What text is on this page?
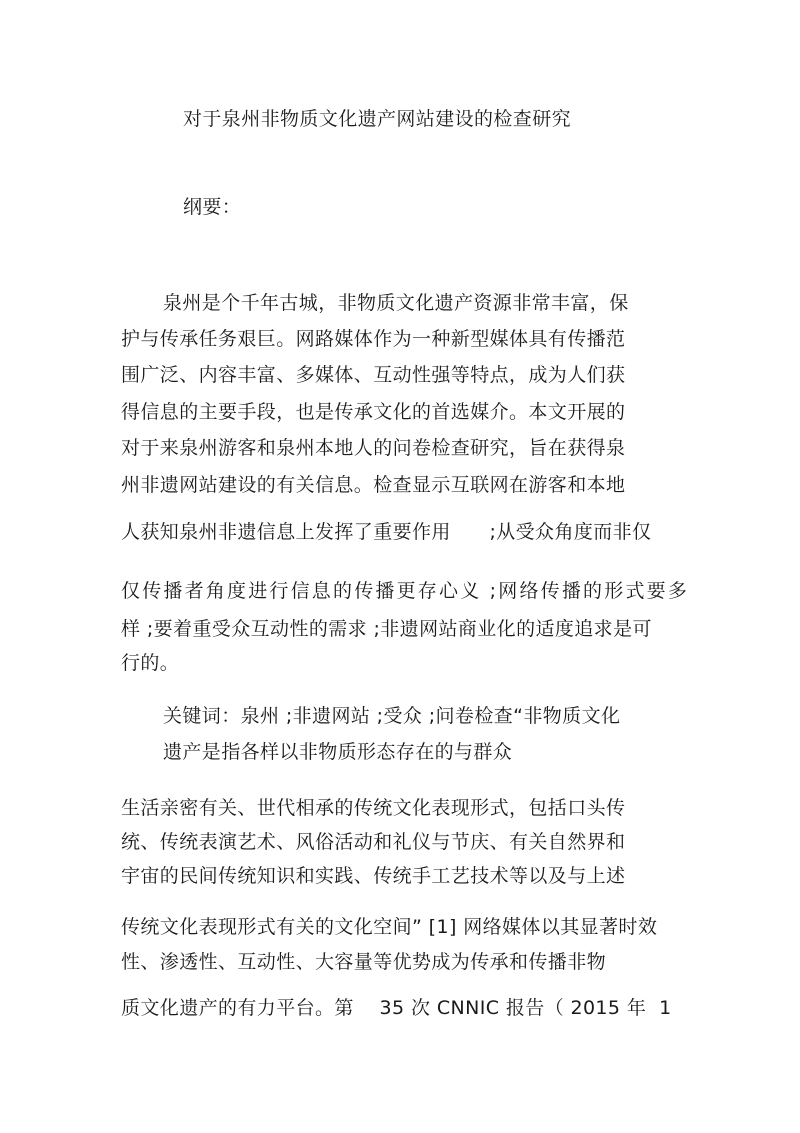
对于泉州非物质文化遗产网站建设的检查研究
纲要：
泉州是个千年古城，非物质文化遗产资源非常丰富，保
护与传承任务艰巨。网路媒体作为一种新型媒体具有传播范
围广泛、内容丰富、多媒体、互动性强等特点，成为人们获
得信息的主要手段，也是传承文化的首选媒介。本文开展的
对于来泉州游客和泉州本地人的问卷检查研究，旨在获得泉
州非遗网站建设的有关信息。检查显示互联网在游客和本地
人获知泉州非遗信息上发挥了重要作用      ;从受众角度而非仅
仅传播者角度进行信息的传播更存心义 ;网络传播的形式要多
样 ;要着重受众互动性的需求 ;非遗网站商业化的适度追求是可
行的。
关键词：泉州 ;非遗网站 ;受众 ;问卷检查“非物质文化
遗产是指各样以非物质形态存在的与群众
生活亲密有关、世代相承的传统文化表现形式，包括口头传
统、传统表演艺术、风俗活动和礼仪与节庆、有关自然界和
宇宙的民间传统知识和实践、传统手工艺技术等以及与上述
传统文化表现形式有关的文化空间” [1] 网络媒体以其显著时效
性、渗透性、互动性、大容量等优势成为传承和传播非物
质文化遗产的有力平台。第    35 次 CNNIC 报告（ 2015 年  1
